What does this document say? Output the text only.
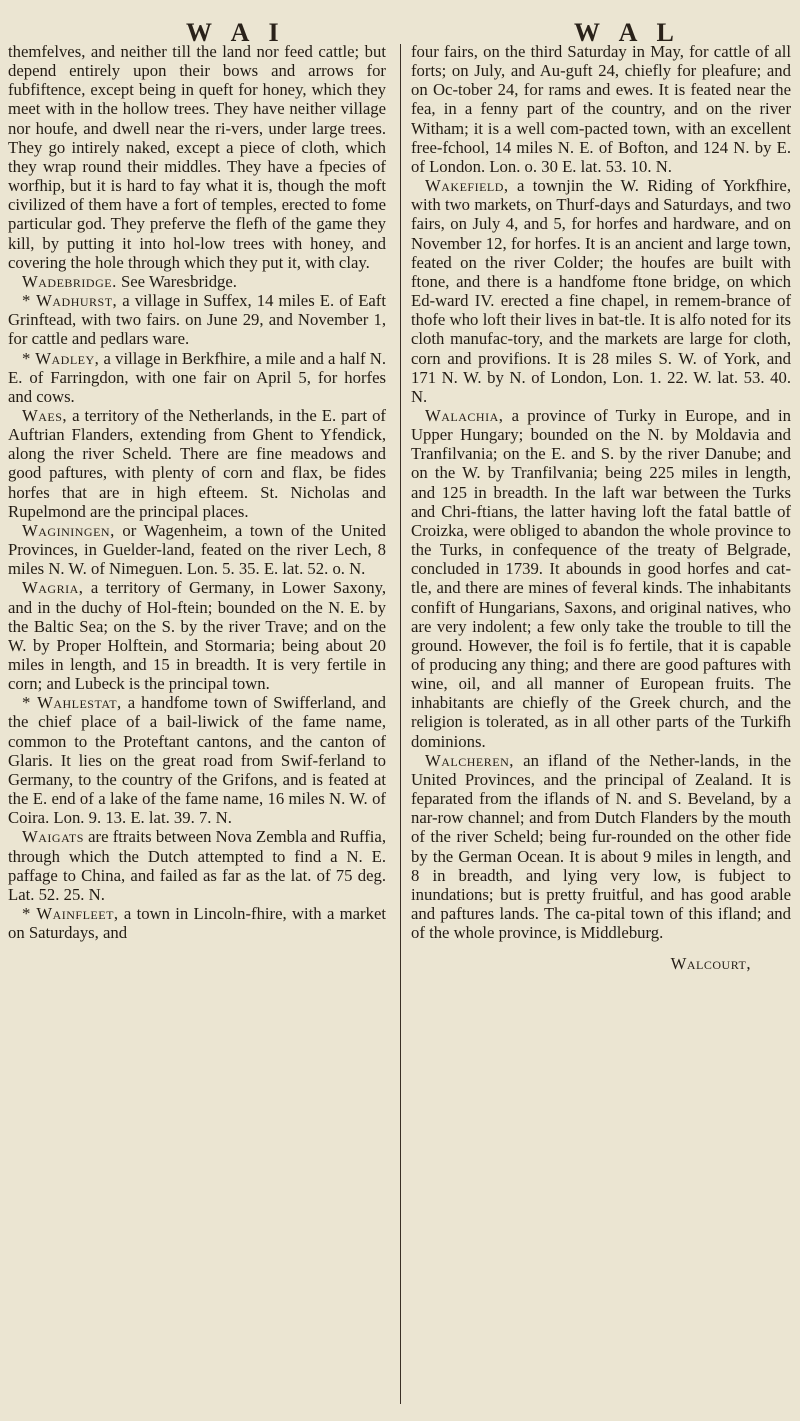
W A I	W A L

themfelves, and neither till the land nor feed cattle; but depend entirely upon their bows and arrows for fubfiftence, except being in queft for honey, which they meet with in the hollow trees. They have neither village nor houfe, and dwell near the ri-vers, under large trees. They go intirely naked, except a piece of cloth, which they wrap round their middles. They have a fpecies of worfhip, but it is hard to fay what it is, though the moft civilized of them have a fort of temples, erected to fome particular god. They preferve the flefh of the game they kill, by putting it into hol-low trees with honey, and covering the hole through which they put it, with clay.

Wadebridge. See Waresbridge.

* Wadhurst, a village in Suffex, 14 miles E. of Eaft Grinftead, with two fairs. on June 29, and November 1, for cattle and pedlars ware.

* Wadley, a village in Berkfhire, a mile and a half N. E. of Farringdon, with one fair on April 5, for horfes and cows.

Waes, a territory of the Netherlands, in the E. part of Auftrian Flanders, extending from Ghent to Yfendick, along the river Scheld. There are fine meadows and good paftures, with plenty of corn and flax, be fides horfes that are in high efteem. St. Nicholas and Rupelmond are the principal places.

Waginingen, or Wagenheim, a town of the United Provinces, in Guelder-land, feated on the river Lech, 8 miles N. W. of Nimeguen. Lon. 5. 35. E. lat. 52. o. N.

Wagria, a territory of Germany, in Lower Saxony, and in the duchy of Hol-ftein; bounded on the N. E. by the Baltic Sea; on the S. by the river Trave; and on the W. by Proper Holftein, and Stormaria; being about 20 miles in length, and 15 in breadth. It is very fertile in corn; and Lubeck is the principal town.

* Wahlestat, a handfome town of Swifferland, and the chief place of a bail-liwick of the fame name, common to the Proteftant cantons, and the canton of Glaris. It lies on the great road from Swif-ferland to Germany, to the country of the Grifons, and is feated at the E. end of a lake of the fame name, 16 miles N. W. of Coira. Lon. 9. 13. E. lat. 39. 7. N.

Waigats are ftraits between Nova Zembla and Ruffia, through which the Dutch attempted to find a N. E. paffage to China, and failed as far as the lat. of 75 deg. Lat. 52. 25. N.

* Wainfleet, a town in Lincoln-fhire, with a market on Saturdays, and

four fairs, on the third Saturday in May, for cattle of all forts; on July, and Au-guft 24, chiefly for pleafure; and on Oc-tober 24, for rams and ewes. It is feated near the fea, in a fenny part of the country, and on the river Witham; it is a well com-pacted town, with an excellent free-fchool, 14 miles N. E. of Bofton, and 124 N. by E. of London. Lon. o. 30 E. lat. 53. 10. N.

Wakefield, a townjin the W. Riding of Yorkfhire, with two markets, on Thurf-days and Saturdays, and two fairs, on July 4, and 5, for horfes and hardware, and on November 12, for horfes. It is an ancient and large town, feated on the river Colder; the houfes are built with ftone, and there is a handfome ftone bridge, on which Ed-ward IV. erected a fine chapel, in remem-brance of thofe who loft their lives in bat-tle. It is alfo noted for its cloth manufac-tory, and the markets are large for cloth, corn and provifions. It is 28 miles S. W. of York, and 171 N. W. by N. of London, Lon. 1. 22. W. lat. 53. 40. N.

Walachia, a province of Turky in Europe, and in Upper Hungary; bounded on the N. by Moldavia and Tranfilvania; on the E. and S. by the river Danube; and on the W. by Tranfilvania; being 225 miles in length, and 125 in breadth. In the laft war between the Turks and Chri-ftians, the latter having loft the fatal battle of Croizka, were obliged to abandon the whole province to the Turks, in confequence of the treaty of Belgrade, concluded in 1739. It abounds in good horfes and cat-tle, and there are mines of feveral kinds. The inhabitants confift of Hungarians, Saxons, and original natives, who are very indolent; a few only take the trouble to till the ground. However, the foil is fo fertile, that it is capable of producing any thing; and there are good paftures with wine, oil, and all manner of European fruits. The inhabitants are chiefly of the Greek church, and the religion is tolerated, as in all other parts of the Turkifh dominions.

Walcheren, an ifland of the Nether-lands, in the United Provinces, and the principal of Zealand. It is feparated from the iflands of N. and S. Beveland, by a nar-row channel; and from Dutch Flanders by the mouth of the river Scheld; being fur-rounded on the other fide by the German Ocean. It is about 9 miles in length, and 8 in breadth, and lying very low, is fubject to inundations; but is pretty fruitful, and has good arable and paftures lands. The ca-pital town of this ifland; and of the whole province, is Middleburg.

Walcourt,
